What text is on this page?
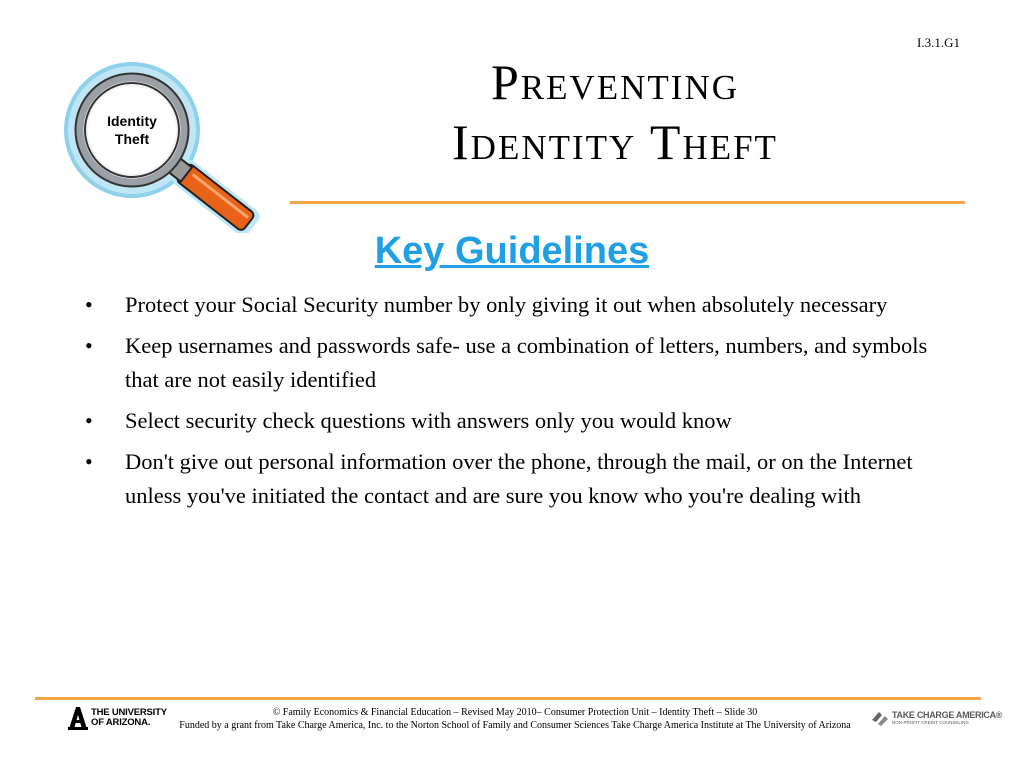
I.3.1.G1
Identity
Theft
Preventing
Identity Theft
Key Guidelines
• Protect your Social Security number by only giving it out when absolutely necessary
• Keep usernames and passwords safe- use a combination of letters, numbers, and symbols that are not easily identified
• Select security check questions with answers only you would know
• Don't give out personal information over the phone, through the mail, or on the Internet unless you've initiated the contact and are sure you know who you're dealing with
THE UNIVERSITY
OF ARIZONA.
© Family Economics & Financial Education – Revised May 2010– Consumer Protection Unit – Identity Theft – Slide 30
Funded by a grant from Take Charge America, Inc. to the Norton School of Family and Consumer Sciences Take Charge America Institute at The University of Arizona
TAKE CHARGE AMERICA®
NON-PROFIT CREDIT COUNSELING
